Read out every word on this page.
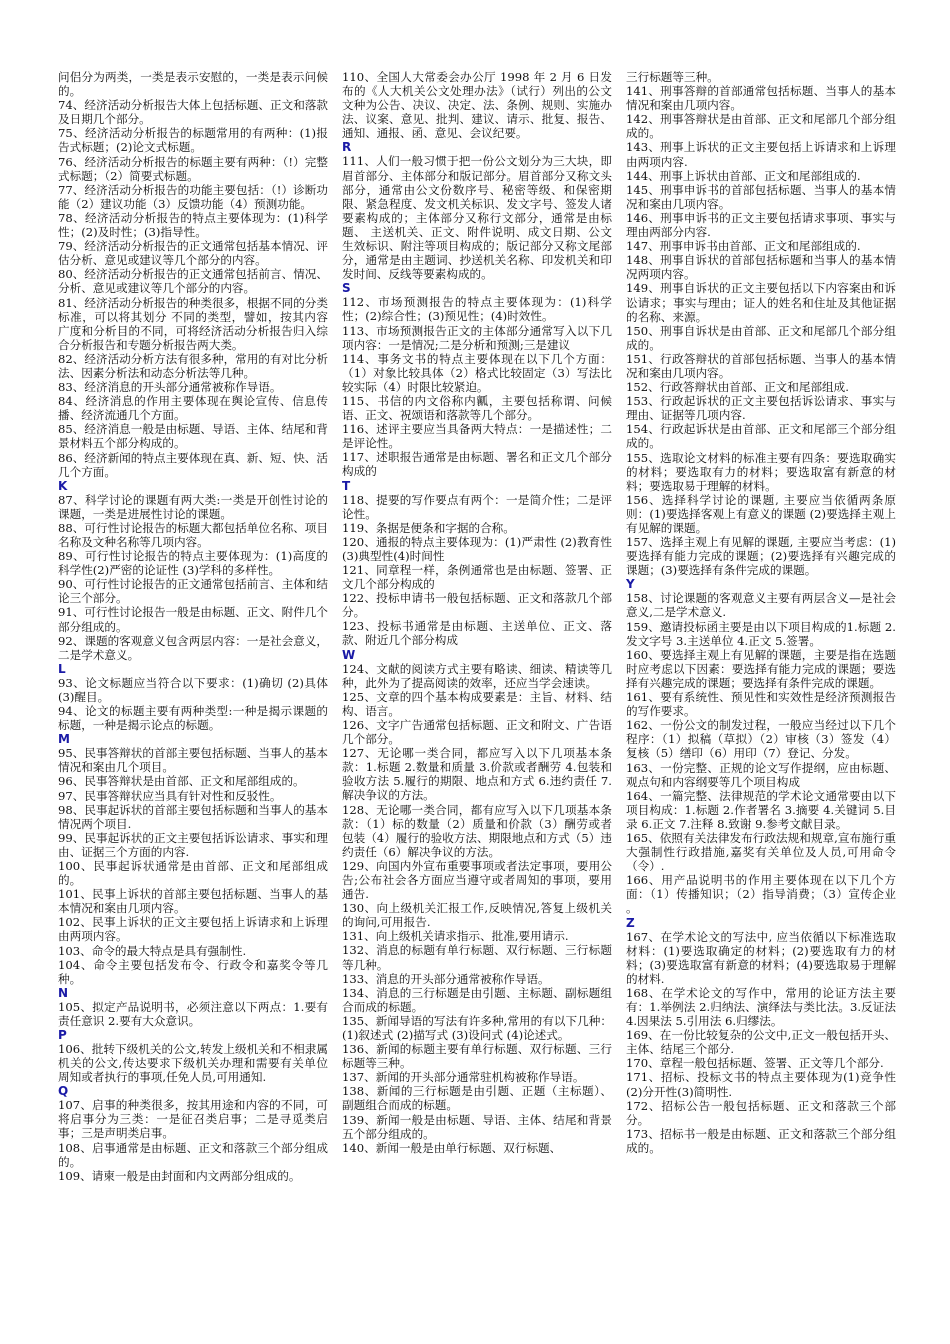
问侣分为两类，一类是表示安慰的，一类是表示问候的。

74、经济活动分析报告大体上包括标题、正文和落款及日期几个部分。

75、经济活动分析报告的标题常用的有两种：(1)报告式标题；(2)论文式标题。

76、经济活动分析报告的标题主要有两种：（!）完整式标题；（2）简要式标题。

77、经济活动分析报告的功能主要包括：（!）诊断功能（2）建议功能（3）反馈功能（4）预测功能。

78、经济活动分析报告的特点主要体现为：(1)科学性；(2)及时性；(3)指导性。

79、经济活动分析报告的正文通常包括基本情况、评估分析、意见或建议等几个部分的内容。

80、经济活动分析报告的正文通常包括前言、情况、分析、意见或建议等几个部分的内容。

81、经济活动分析报告的种类很多，根据不同的分类标准，可以将其划分 不同的类型，譬如，按其内容广度和分析目的不同，可将经济活动分析报告归入综合分析报告和专题分析报告两大类。

82、经济活动分析方法有很多种，常用的有对比分析法、因素分析法和动态分析法等几种。

83、经济消息的开头部分通常被称作导语。

84、经济消息的作用主要体现在舆论宣传、信息传播、经济流通几个方面。

85、经济消息一般是由标题、导语、主体、结尾和背景材料五个部分构成的。

86、经济新闻的特点主要体现在真、新、短、快、活几个方面。

K

87、科学讨论的课题有两大类:一类是开创性讨论的课题，一类是进展性讨论的课题。

88、可行性讨论报告的标题大都包括单位名称、项目名称及文种名称等几项内容。

89、可行性讨论报告的特点主要体现为：(1)高度的科学性(2)严密的论证性 (3)学科的多样性。

90、可行性讨论报告的正文通常包括前言、主体和结论三个部分。

91、可行性讨论报告一般是由标题、正文、附件几个部分组成的。

92、课题的客观意义包含两层内容：一是社会意义，二是学术意义。

L

93、论文标题应当符合以下要求：(1)确切 (2)具体(3)醒目。

94、论文的标题主要有两种类型:一种是揭示课题的标题，一种是揭示论点的标题。

M

95、民事答辩状的首部主要包括标题、当事人的基本情况和案由几个项目。

96、民事答辩状是由首部、正文和尾部组成的。

97、民事答辩状应当具有针对性和反驳性。

98、民事起诉状的首部主要包括标题和当事人的基本情况两个项目.

99、民事起诉状的正文主要包括诉讼请求、事实和理由、证据三个方面的内容.

100、民事起诉状通常是由首部、正文和尾部组成的。

101、民事上诉状的首部主要包括标题、当事人的基本情况和案由几项内容。

102、民事上诉状的正文主要包括上诉请求和上诉理由两项内容。

103、命令的最大特点是具有强制性.

104、命令主要包括发布令、行政令和嘉奖令等几种。

N

105、拟定产品说明书，必须注意以下两点：1.要有责任意识 2.要有大众意识。

P

106、批转下级机关的公文,转发上级机关和不相隶属机关的公文,传达要求下级机关办理和需要有关单位周知或者执行的事项,任免人员,可用通知.

Q

107、启事的种类很多，按其用途和内容的不同，可将启事分为三类：一是征召类启事；二是寻觅类启事；三是声明类启事。

108、启事通常是由标题、正文和落款三个部分组成的。

109、请柬一般是由封面和内文两部分组成的。

110、全国人大常委会办公厅 1998 年 2 月 6 日发布的《人大机关公文处理办法》（试行）列出的公文文种为公告、决议、决定、法、条例、规则、实施办法、议案、意见、批判、建议、请示、批复、报告、通知、通报、函、意见、会议纪要。

R

111、人们一般习惯于把一份公文划分为三大块，即眉首部分、主体部分和版记部分。眉首部分又称文头部分，通常由公文份数序号、秘密等级、和保密期限、紧急程度、发文机关标识、发文字号、签发人诸要素构成的；主体部分又称行文部分，通常是由标题、 主送机关、正文、附件说明、成文日期、公文生效标识、附注等项目构成的；版记部分又称文尾部分，通常是由主题词、抄送机关名称、印发机关和印发时间、反线等要素构成的。

S

112、市场预测报告的特点主要体现为：(1)科学性；(2)综合性；(3)预见性；(4)时效性。

113、市场预测报告正文的主体部分通常写入以下几项内容：一是情况;二是分析和预测;三是建议

114、事务文书的特点主要体现在以下几个方面：（1）对象比较具体（2）格式比较固定（3）写法比较实际（4）时限比较紧迫。

115、书信的内文俗称内瓤，主要包括称谓、问候语、正文、祝颂语和落款等几个部分。

116、述评主要应当具备两大特点：一是描述性；二是评论性。

117、述职报告通常是由标题、署名和正文几个部分构成的

T

118、提要的写作要点有两个：一是简介性；二是评论性。

119、条据是便条和字据的合称。

120、通报的特点主要体现为：(1)严肃性 (2)教育性(3)典型性(4)时间性

121、同章程一样，条例通常也是由标题、签署、正文几个部分构成的

122、投标申请书一般包括标题、正文和落款几个部分。

123、投标书通常是由标题、主送单位、正文、落款、附近几个部分构成

W

124、文献的阅读方式主要有略读、细读、精读等几种，此外为了提高阅读的效率，还应当学会速读。

125、文章的四个基本构成要素是：主旨、材料、结构、语言。

126、文字广告通常包括标题、正文和附文、广告语几个部分。

127、无论哪一类合同，都应写入以下几项基本条款：1.标题 2.数量和质量 3.价款或者酬劳 4.包装和验收方法 5.履行的期限、地点和方式 6.违约责任 7.解决争议的方法。

128、无论哪一类合同，都有应写入以下几项基本条款：（1）标的数量（2）质量和价款（3）酬劳或者包装（4）履行的验收方法、期限地点和方式（5）违约责任（6）解决争议的方法。

129、向国内外宣布重要事项或者法定事项，要用公告;公布社会各方面应当遵守或者周知的事项，要用通告.

130、向上级机关汇报工作,反映情况,答复上级机关的询问,可用报告.

131、向上级机关请求指示、批准,要用请示.

132、消息的标题有单行标题、双行标题、三行标题等几种。

133、消息的开头部分通常被称作导语。

134、消息的三行标题是由引题、主标题、副标题组合而成的标题。

135、新闻导语的写法有许多种,常用的有以下几种：(1)叙述式 (2)描写式 (3)设问式 (4)论述式。

136、新闻的标题主要有单行标题、双行标题、三行标题等三种。

137、新闻的开头部分通常驻机构被称作导语。

138、新闻的三行标题是由引题、正题（主标题）、副题组合而成的标题。

139、新闻一般是由标题、导语、主体、结尾和背景五个部分组成的。

140、新闻一般是由单行标题、双行标题、

三行标题等三种。

141、刑事答辩的首部通常包括标题、当事人的基本情况和案由几项内容。

142、刑事答辩状是由首部、正文和尾部几个部分组成的。

143、刑事上诉状的正文主要包括上诉请求和上诉理由两项内容.

144、刑事上诉状由首部、正文和尾部组成的.

145、刑事申诉书的首部包括标题、当事人的基本情况和案由几项内容。

146、刑事申诉书的正文主要包括请求事项、事实与理由两部分内容.

147、刑事申诉书由首部、正文和尾部组成的.

148、刑事自诉状的首部包括标题和当事人的基本情况两项内容。

149、刑事自诉状的正文主要包括以下内容案由和诉讼请求；事实与理由；证人的姓名和住址及其他证据的名称、来源。

150、刑事自诉状是由首部、正文和尾部几个部分组成的。

151、行政答辩状的首部包括标题、当事人的基本情况和案由几项内容。

152、行政答辩状由首部、正文和尾部组成.

153、行政起诉状的正文主要包括诉讼请求、事实与理由、证据等几项内容.

154、行政起诉状是由首部、正文和尾部三个部分组成的。

155、选取论文材料的标准主要有四条：要选取确实的材料；要选取有力的材料；要选取富有新意的材料；要选取易于理解的材料。

156、选择科学讨论的课题, 主要应当依循两条原则：(1)要选择客观上有意义的课题 (2)要选择主观上有见解的课题。

157、选择主观上有见解的课题, 主要应当考虑：(1)要选择有能力完成的课题；(2)要选择有兴趣完成的课题；(3)要选择有条件完成的课题。

Y

158、讨论课题的客观意义主要有两层含义—是社会意义,二是学术意义.

159、邀请投标函主要是由以下项目构成的1.标题 2.发文字号 3.主送单位 4.正文 5.签署。

160、要选择主观上有见解的课题，主要是指在选题时应考虑以下因素：要选择有能力完成的课题；要选择有兴趣完成的课题；要选择有条件完成的课题。

161、要有系统性、预见性和实效性是经济预测报告的写作要求。

162、一份公文的制发过程，一般应当经过以下几个程序：（1）拟稿（草拟）（2）审核（3）签发（4）复核（5）缮印（6）用印（7）登记、分发。

163、一份完整、正规的论文写作提纲，应由标题、观点句和内容纲要等几个项目构成

164、一篇完整、法律规范的学术论文通常要由以下项目构成：1.标题 2.作者署名 3.摘要 4.关键词 5.目录 6.正文 7.注释 8.致谢 9.参考文献目录。

165、依照有关法律发布行政法规和规章,宣布施行重大强制性行政措施,嘉奖有关单位及人员,可用命令（令）.

166、用产品说明书的作用主要体现在以下几个方面：（1）传播知识；（2）指导消费；（3）宣传企业 。

Z

167、在学术论文的写法中, 应当依循以下标准选取材料：(1)要选取确定的材料；(2)要选取有力的材料；(3)要选取富有新意的材料；(4)要选取易于理解的材料.

168、在学术论文的写作中，常用的论证方法主要有：1.举例法 2.归纳法、演绎法与类比法。3.反证法 4.因果法 5.引用法 6.归缪法。

169、在一份比较复杂的公文中,正文一般包括开头、主体、结尾三个部分.

170、章程一般包括标题、签署、正文等几个部分.

171、招标、投标文书的特点主要体现为(1)竞争性(2)分开性(3)简明性.

172、招标公告一般包括标题、正文和落款三个部分。

173、招标书一般是由标题、正文和落款三个部分组成的。
